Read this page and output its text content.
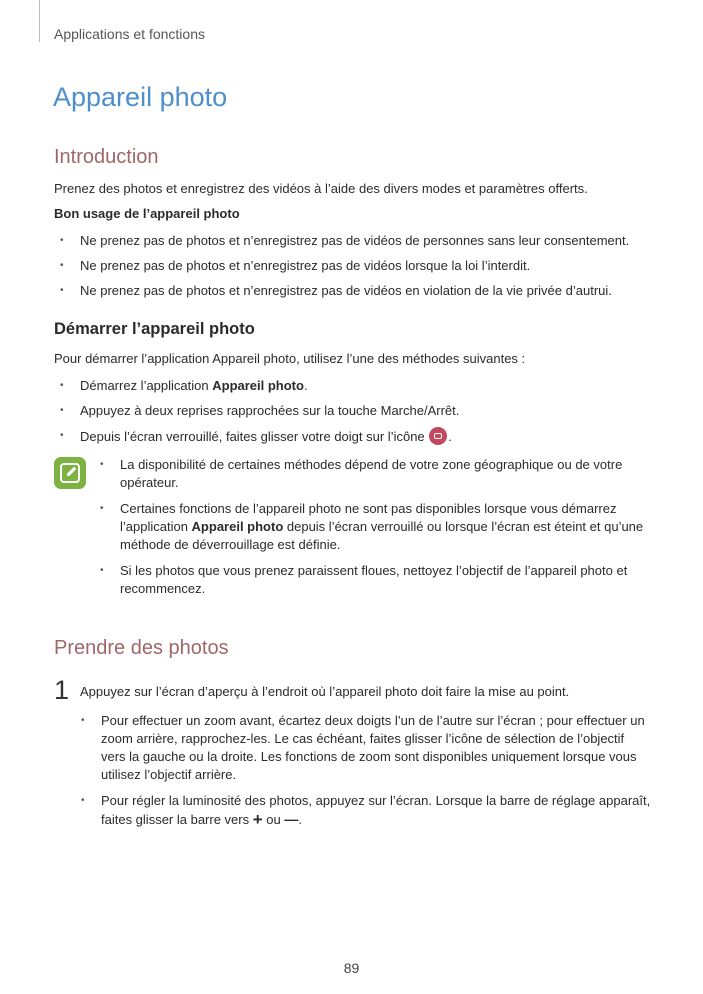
Applications et fonctions
Appareil photo
Introduction
Prenez des photos et enregistrez des vidéos à l’aide des divers modes et paramètres offerts.
Bon usage de l’appareil photo
• Ne prenez pas de photos et n’enregistrez pas de vidéos de personnes sans leur consentement.
• Ne prenez pas de photos et n’enregistrez pas de vidéos lorsque la loi l’interdit.
• Ne prenez pas de photos et n’enregistrez pas de vidéos en violation de la vie privée d’autrui.
Démarrer l’appareil photo
Pour démarrer l’application Appareil photo, utilisez l’une des méthodes suivantes :
• Démarrez l’application Appareil photo.
• Appuyez à deux reprises rapprochées sur la touche Marche/Arrêt.
• Depuis l’écran verrouillé, faites glisser votre doigt sur l’icône .
• La disponibilité de certaines méthodes dépend de votre zone géographique ou de votre opérateur.
• Certaines fonctions de l’appareil photo ne sont pas disponibles lorsque vous démarrez l’application Appareil photo depuis l’écran verrouillé ou lorsque l’écran est éteint et qu’une méthode de déverrouillage est définie.
• Si les photos que vous prenez paraissent floues, nettoyez l’objectif de l’appareil photo et recommencez.
Prendre des photos
1 Appuyez sur l’écran d’aperçu à l’endroit où l’appareil photo doit faire la mise au point.
• Pour effectuer un zoom avant, écartez deux doigts l’un de l’autre sur l’écran ; pour effectuer un zoom arrière, rapprochez-les. Le cas échéant, faites glisser l’icône de sélection de l’objectif vers la gauche ou la droite. Les fonctions de zoom sont disponibles uniquement lorsque vous utilisez l’objectif arrière.
• Pour régler la luminosité des photos, appuyez sur l’écran. Lorsque la barre de réglage apparaît, faites glisser la barre vers + ou —.
89
